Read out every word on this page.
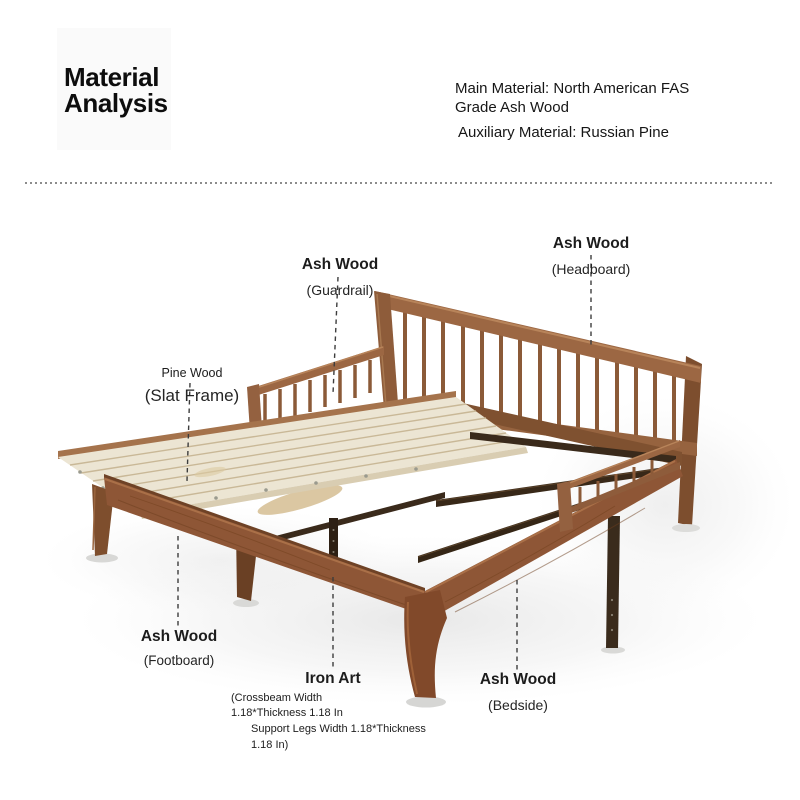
Material
Analysis	Main Material: North American FAS
Grade Ash Wood
Auxiliary Material: Russian Pine
Ash Wood
(Guardrail)
Ash Wood
(Headboard)
Pine Wood
(Slat Frame)
Ash Wood
(Footboard)
Iron Art
(Crossbeam Width
1.18*Thickness 1.18 In
Support Legs Width 1.18*Thickness
1.18 In)
Ash Wood
(Bedside)
